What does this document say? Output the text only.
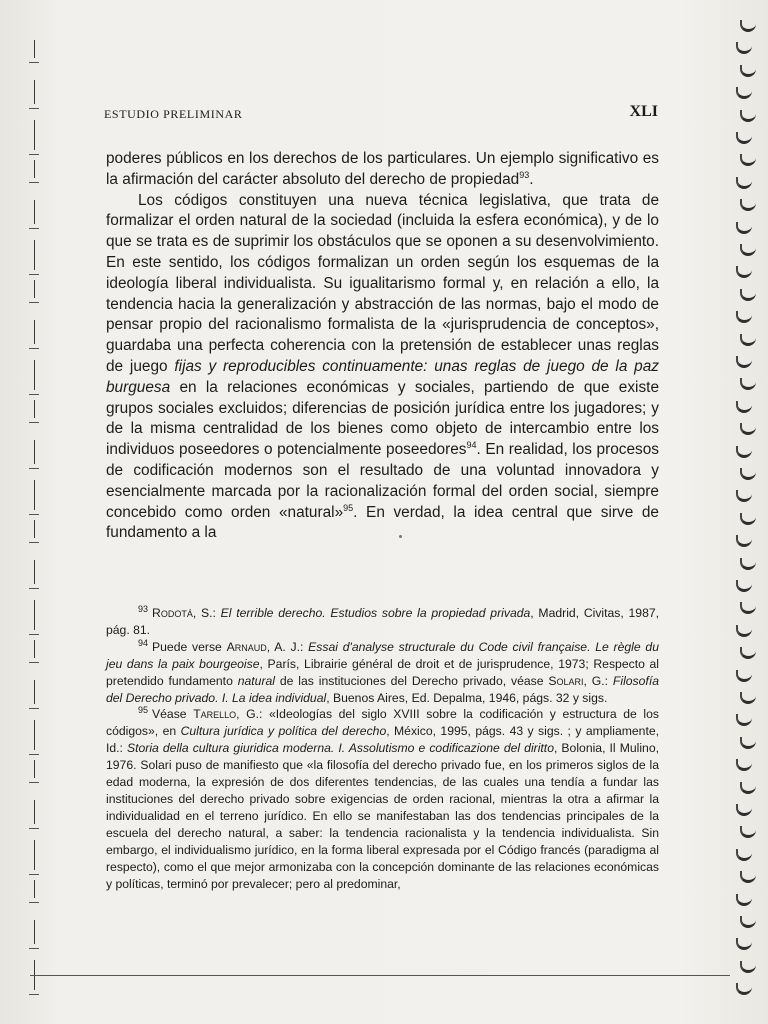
ESTUDIO PRELIMINAR	XLI

poderes públicos en los derechos de los particulares. Un ejemplo significativo es la afirmación del carácter absoluto del derecho de propiedad$^{93}$.

Los códigos constituyen una nueva técnica legislativa, que trata de formalizar el orden natural de la sociedad (incluida la esfera económica), y de lo que se trata es de suprimir los obstáculos que se oponen a su desenvolvimiento. En este sentido, los códigos formalizan un orden según los esquemas de la ideología liberal individualista. Su igualitarismo formal y, en relación a ello, la tendencia hacia la generalización y abstracción de las normas, bajo el modo de pensar propio del racionalismo formalista de la «jurisprudencia de conceptos», guardaba una perfecta coherencia con la pretensión de establecer unas reglas de juego fijas y reproducibles continuamente: unas reglas de juego de la paz burguesa en la relaciones económicas y sociales, partiendo de que existe grupos sociales excluidos; diferencias de posición jurídica entre los jugadores; y de la misma centralidad de los bienes como objeto de intercambio entre los individuos poseedores o potencialmente poseedores$^{94}$. En realidad, los procesos de codificación modernos son el resultado de una voluntad innovadora y esencialmente marcada por la racionalización formal del orden social, siempre concebido como orden «natural»$^{95}$. En verdad, la idea central que sirve de fundamento a la

$^{93}$ Rodotá, S.: El terrible derecho. Estudios sobre la propiedad privada, Madrid, Civitas, 1987, pág. 81.

$^{94}$ Puede verse Arnaud, A. J.: Essai d'analyse structurale du Code civil française. Le règle du jeu dans la paix bourgeoise, París, Librairie général de droit et de jurisprudence, 1973; Respecto al pretendido fundamento natural de las instituciones del Derecho privado, véase Solari, G.: Filosofía del Derecho privado. I. La idea individual, Buenos Aires, Ed. Depalma, 1946, págs. 32 y sigs.

$^{95}$ Véase Tarello, G.: «Ideologías del siglo XVIII sobre la codificación y estructura de los códigos», en Cultura jurídica y política del derecho, México, 1995, págs. 43 y sigs. ; y ampliamente, Id.: Storia della cultura giuridica moderna. I. Assolutismo e codificazione del diritto, Bolonia, Il Mulino, 1976. Solari puso de manifiesto que «la filosofía del derecho privado fue, en los primeros siglos de la edad moderna, la expresión de dos diferentes tendencias, de las cuales una tendía a fundar las instituciones del derecho privado sobre exigencias de orden racional, mientras la otra a afirmar la individualidad en el terreno jurídico. En ello se manifestaban las dos tendencias principales de la escuela del derecho natural, a saber: la tendencia racionalista y la tendencia individualista. Sin embargo, el individualismo jurídico, en la forma liberal expresada por el Código francés (paradigma al respecto), como el que mejor armonizaba con la concepción dominante de las relaciones económicas y políticas, terminó por prevalecer; pero al predominar,
